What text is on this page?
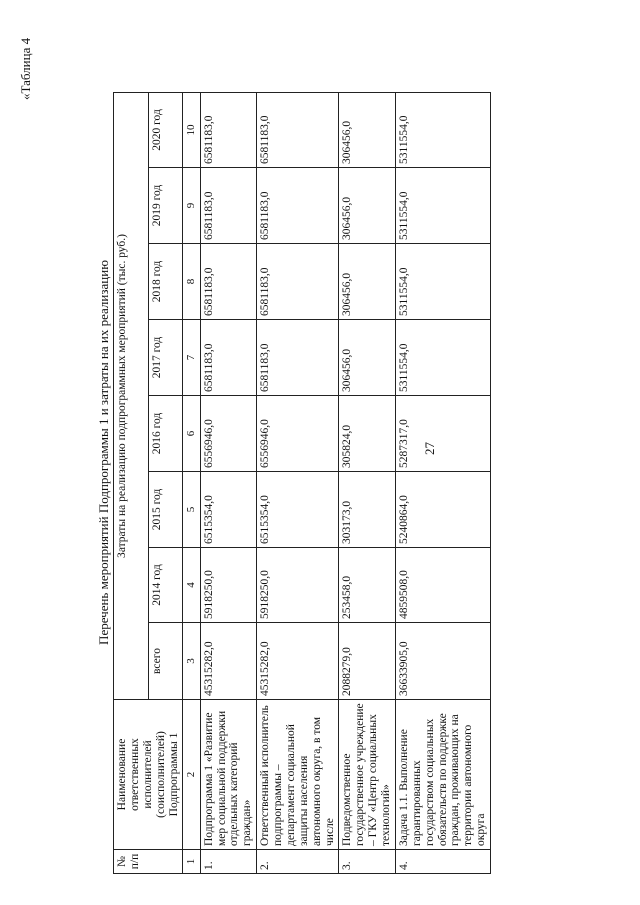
27
«Таблица 4
Перечень мероприятий Подпрограммы 1 и затраты на их реализацию
№ п/п	Наименование ответственных исполнителей (соисполнителей) Подпрограммы 1	Затраты на реализацию подпрограммных мероприятий (тыс. руб.)							
		всего	2014 год	2015 год	2016 год	2017 год	2018 год	2019 год	2020 год
1	2	3	4	5	6	7	8	9	10
1.	Подпрограмма 1 «Развитие мер социальной поддержки отдельных категорий граждан»	45315282,0	5918250,0	6515354,0	6556946,0	6581183,0	6581183,0	6581183,0	6581183,0
2.	Ответственный исполнитель подпрограммы – департамент социальной защиты населения автономного округа, в том числе	45315282,0	5918250,0	6515354,0	6556946,0	6581183,0	6581183,0	6581183,0	6581183,0
3.	Подведомственное государственное учреждение – ГКУ «Центр социальных технологий»	2088279,0	253458,0	303173,0	305824,0	306456,0	306456,0	306456,0	306456,0
4.	Задача 1.1. Выполнение гарантированных государством социальных обязательств по поддержке граждан, проживающих на территории автономного округа	36633905,0	4859508,0	5240864,0	5287317,0	5311554,0	5311554,0	5311554,0	5311554,0
